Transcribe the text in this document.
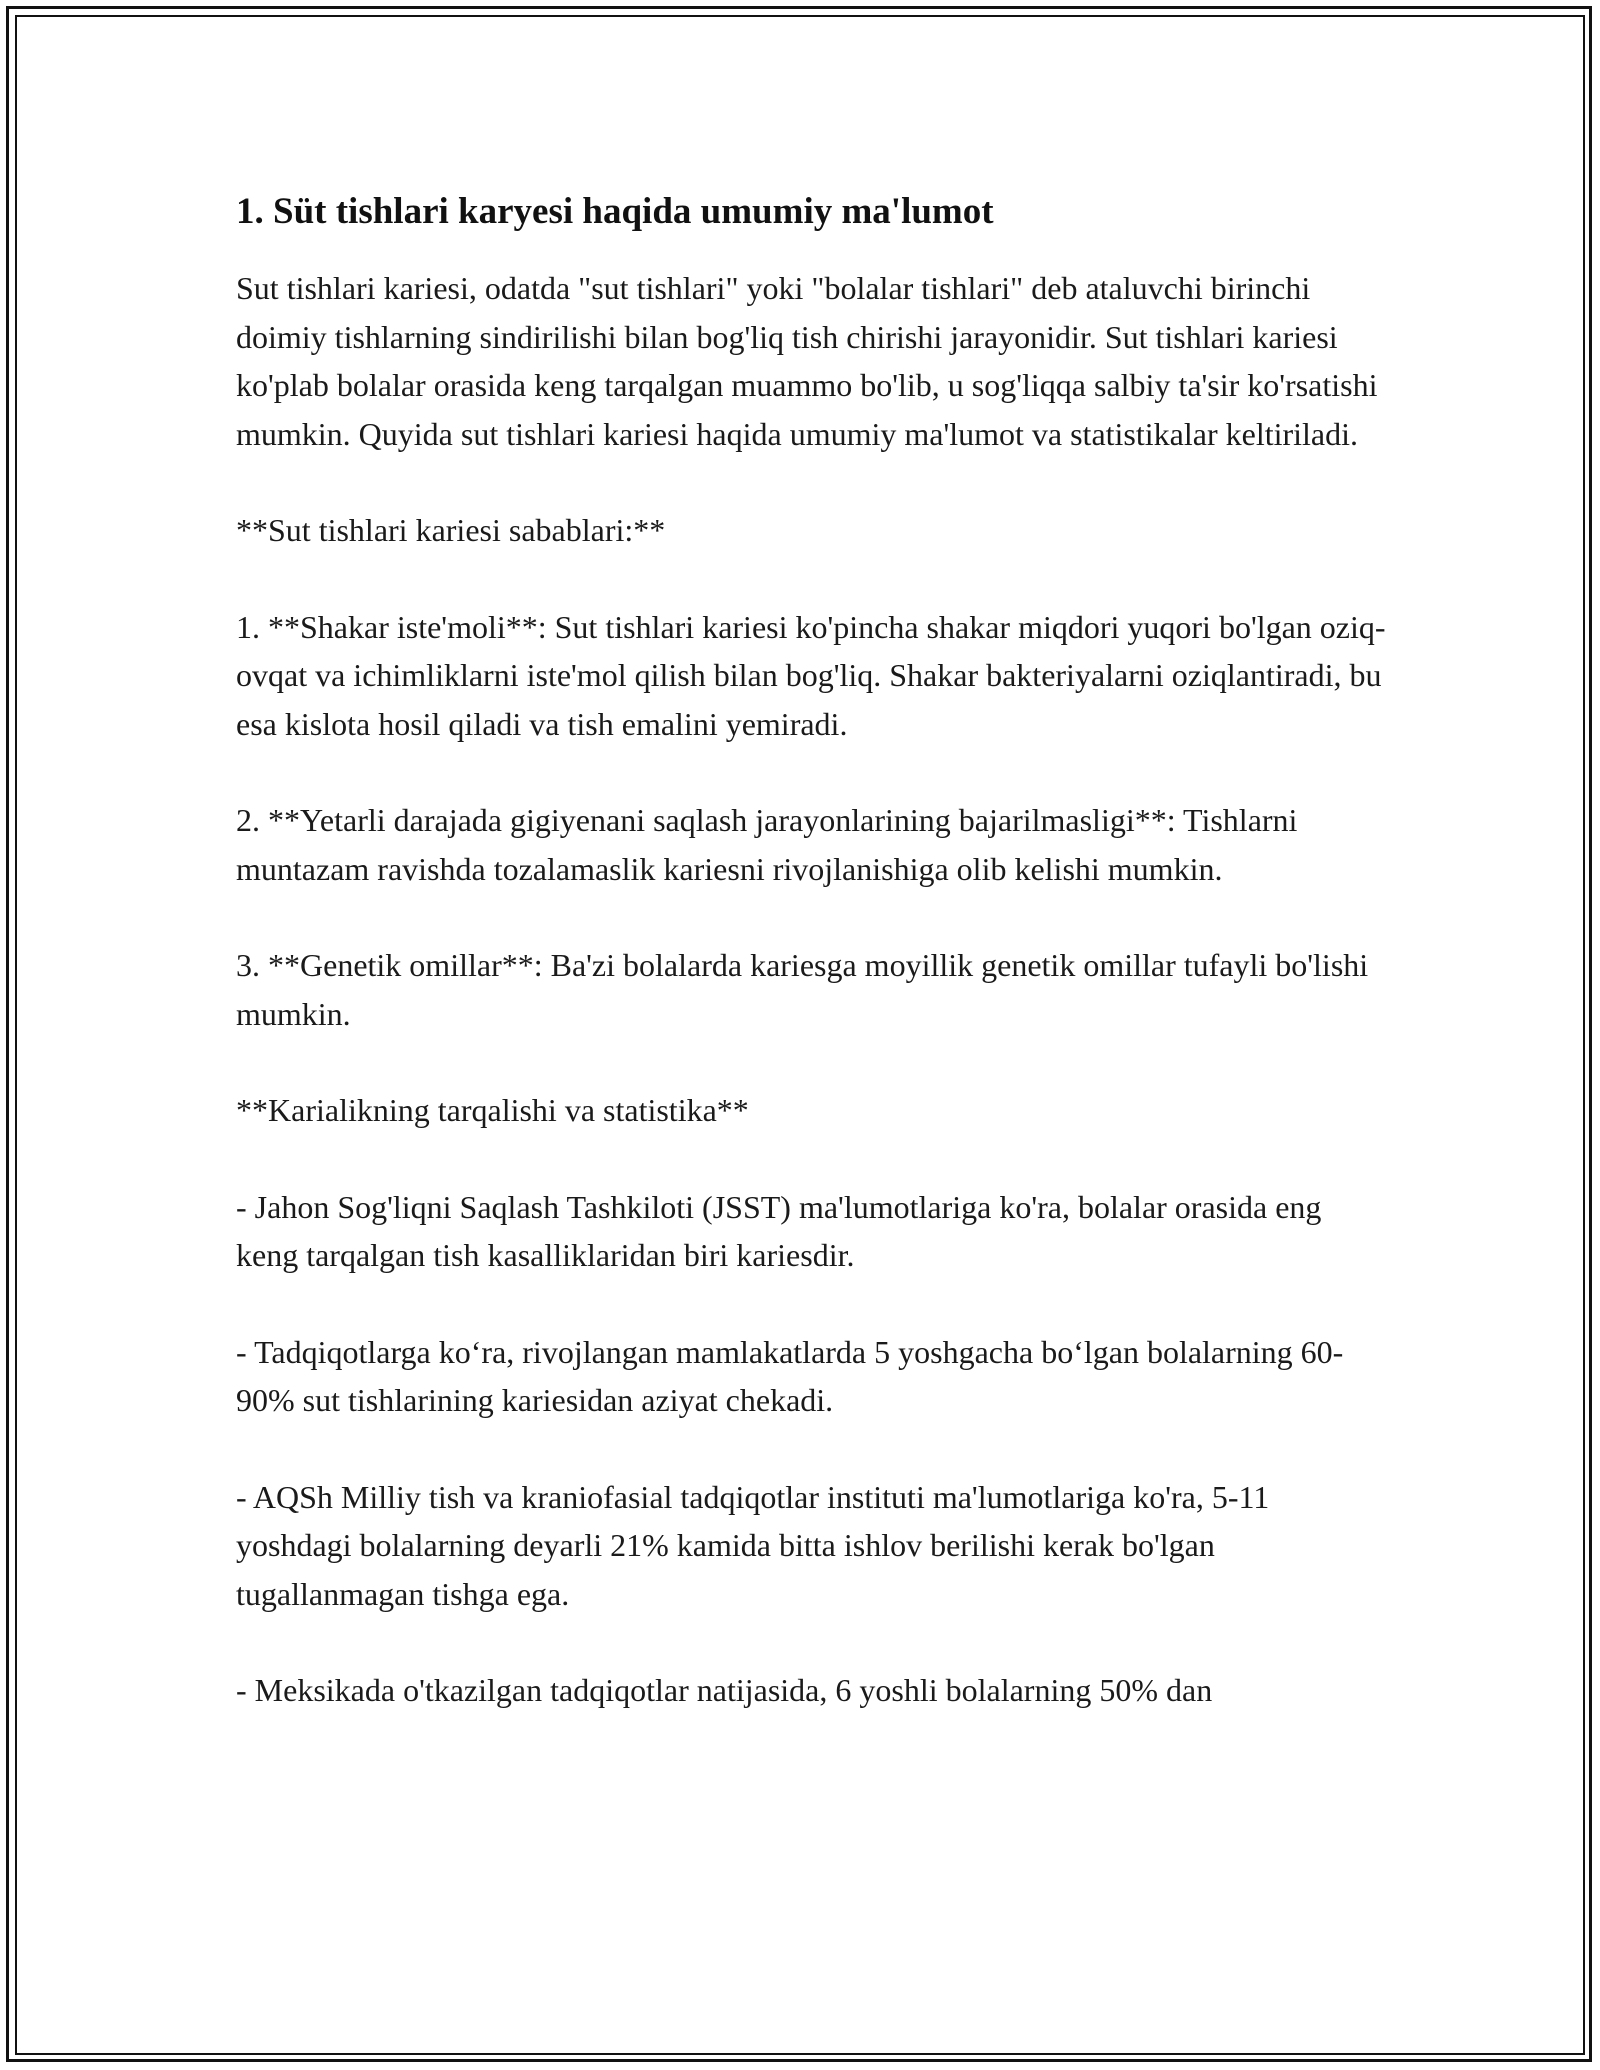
1. Süt tishlari karyesi haqida umumiy ma'lumot

Sut tishlari kariesi, odatda "sut tishlari" yoki "bolalar tishlari" deb ataluvchi birinchi doimiy tishlarning sindirilishi bilan bog'liq tish chirishi jarayonidir. Sut tishlari kariesi ko'plab bolalar orasida keng tarqalgan muammo bo'lib, u sog'liqqa salbiy ta'sir ko'rsatishi mumkin. Quyida sut tishlari kariesi haqida umumiy ma'lumot va statistikalar keltiriladi.

**Sut tishlari kariesi sabablari:**

1. **Shakar iste'moli**: Sut tishlari kariesi ko'pincha shakar miqdori yuqori bo'lgan oziq-ovqat va ichimliklarni iste'mol qilish bilan bog'liq. Shakar bakteriyalarni oziqlantiradi, bu esa kislota hosil qiladi va tish emalini yemiradi.

2. **Yetarli darajada gigiyenani saqlash jarayonlarining bajarilmasligi**: Tishlarni muntazam ravishda tozalamaslik kariesni rivojlanishiga olib kelishi mumkin.

3. **Genetik omillar**: Ba'zi bolalarda kariesga moyillik genetik omillar tufayli bo'lishi mumkin.

**Karialikning tarqalishi va statistika**

- Jahon Sog'liqni Saqlash Tashkiloti (JSST) ma'lumotlariga ko'ra, bolalar orasida eng keng tarqalgan tish kasalliklaridan biri kariesdir.

- Tadqiqotlarga ko‘ra, rivojlangan mamlakatlarda 5 yoshgacha bo‘lgan bolalarning 60-90% sut tishlarining kariesidan aziyat chekadi.

- AQSh Milliy tish va kraniofasial tadqiqotlar instituti ma'lumotlariga ko'ra, 5-11 yoshdagi bolalarning deyarli 21% kamida bitta ishlov berilishi kerak bo'lgan tugallanmagan tishga ega.

- Meksikada o'tkazilgan tadqiqotlar natijasida, 6 yoshli bolalarning 50% dan
